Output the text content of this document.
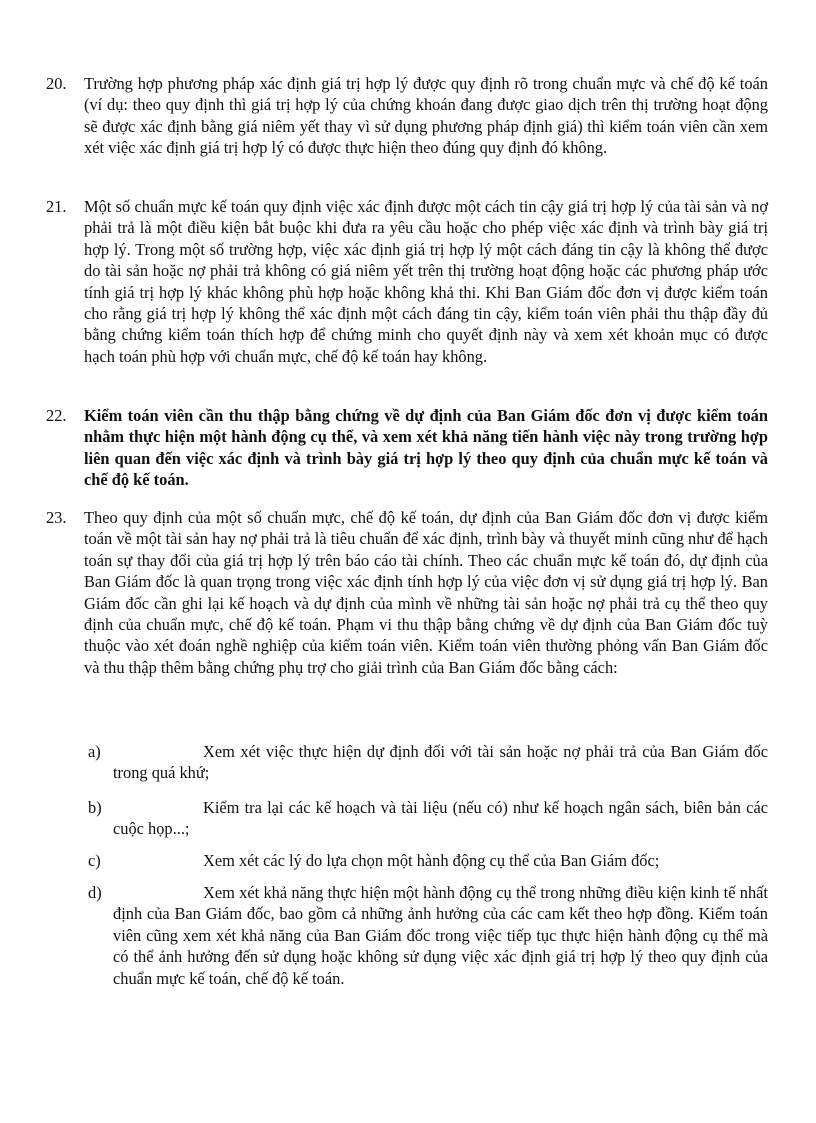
20.	Trường hợp phương pháp xác định giá trị hợp lý được quy định rõ trong chuẩn mực và chế độ kế toán (ví dụ: theo quy định thì giá trị hợp lý của chứng khoán đang được giao dịch trên thị trường hoạt động sẽ được xác định bằng giá niêm yết thay vì sử dụng phương pháp định giá) thì kiểm toán viên cần xem xét việc xác định giá trị hợp lý có được thực hiện theo đúng quy định đó không.
21.	Một số chuẩn mực kế toán quy định việc xác định được một cách tin cậy giá trị hợp lý của tài sản và nợ phải trả là một điều kiện bắt buộc khi đưa ra yêu cầu hoặc cho phép việc xác định và trình bày giá trị hợp lý. Trong một số trường hợp, việc xác định giá trị hợp lý một cách đáng tin cậy là không thể được do tài sản hoặc nợ phải trả không có giá niêm yết trên thị trường hoạt động hoặc các phương pháp ước tính giá trị hợp lý khác không phù hợp hoặc không khả thi. Khi Ban Giám đốc đơn vị được kiểm toán cho rằng giá trị hợp lý không thể xác định một cách đáng tin cậy, kiểm toán viên phải thu thập đầy đủ bằng chứng kiểm toán thích hợp để chứng minh cho quyết định này và xem xét khoản mục có được hạch toán phù hợp với chuẩn mực, chế độ kế toán hay không.
22.	Kiểm toán viên cần thu thập bằng chứng về dự định của Ban Giám đốc đơn vị được kiểm toán nhằm thực hiện một hành động cụ thể, và xem xét khả năng tiến hành việc này trong trường hợp liên quan đến việc xác định và trình bày giá trị hợp lý theo quy định của chuẩn mực kế toán và chế độ kế toán.
23.	Theo quy định của một số chuẩn mực, chế độ kế toán, dự định của Ban Giám đốc đơn vị được kiểm toán về một tài sản hay nợ phải trả là tiêu chuẩn để xác định, trình bày và thuyết minh cũng như để hạch toán sự thay đổi của giá trị hợp lý trên báo cáo tài chính. Theo các chuẩn mực kế toán đó, dự định của Ban Giám đốc là quan trọng trong việc xác định tính hợp lý của việc đơn vị sử dụng giá trị hợp lý. Ban Giám đốc cần ghi lại kế hoạch và dự định của mình về những tài sản hoặc nợ phải trả cụ thể theo quy định của chuẩn mực, chế độ kế toán. Phạm vi thu thập bằng chứng về dự định của Ban Giám đốc tuỳ thuộc vào xét đoán nghề nghiệp của kiểm toán viên. Kiểm toán viên thường phỏng vấn Ban Giám đốc và thu thập thêm bằng chứng phụ trợ cho giải trình của Ban Giám đốc bằng cách:
a)	Xem xét việc thực hiện dự định đối với tài sản hoặc nợ phải trả của Ban Giám đốc trong quá khứ;
b)	Kiểm tra lại các kế hoạch và tài liệu (nếu có) như kế hoạch ngân sách, biên bản các cuộc họp...;
c)	Xem xét các lý do lựa chọn một hành động cụ thể của Ban Giám đốc;
d)	Xem xét khả năng thực hiện một hành động cụ thể trong những điều kiện kinh tế nhất định của Ban Giám đốc, bao gồm cả những ảnh hưởng của các cam kết theo hợp đồng. Kiểm toán viên cũng xem xét khả năng của Ban Giám đốc trong việc tiếp tục thực hiện hành động cụ thể mà có thể ảnh hưởng đến sử dụng hoặc không sử dụng việc xác định giá trị hợp lý theo quy định của chuẩn mực kế toán, chế độ kế toán.
